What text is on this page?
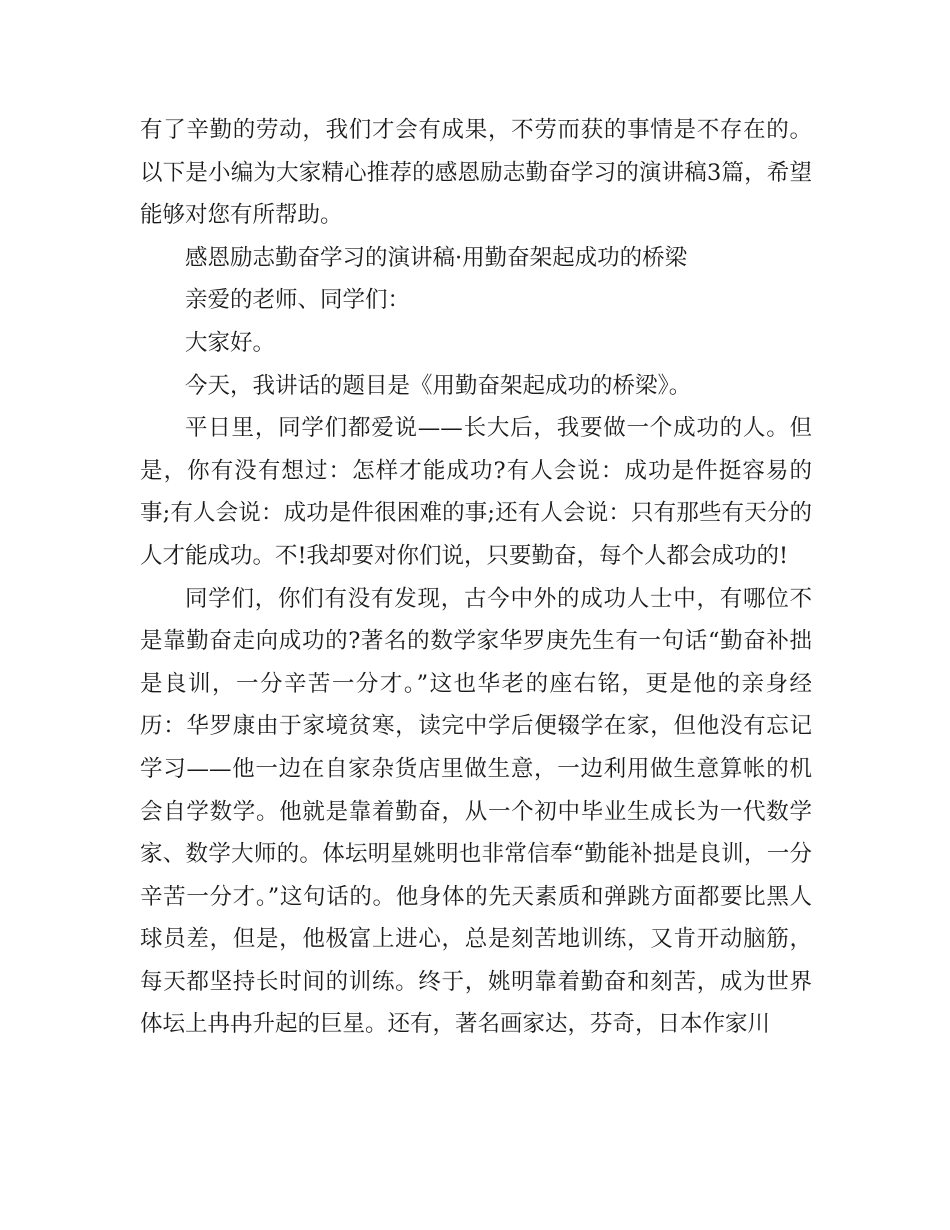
有了辛勤的劳动，我们才会有成果，不劳而获的事情是不存在的。以下是小编为大家精心推荐的感恩励志勤奋学习的演讲稿3篇，希望能够对您有所帮助。

感恩励志勤奋学习的演讲稿·用勤奋架起成功的桥梁

亲爱的老师、同学们：

大家好。

今天，我讲话的题目是《用勤奋架起成功的桥梁》。

平日里，同学们都爱说——长大后，我要做一个成功的人。但是，你有没有想过：怎样才能成功?有人会说：成功是件挺容易的事;有人会说：成功是件很困难的事;还有人会说：只有那些有天分的人才能成功。不!我却要对你们说，只要勤奋，每个人都会成功的!

同学们，你们有没有发现，古今中外的成功人士中，有哪位不是靠勤奋走向成功的?著名的数学家华罗庚先生有一句话“勤奋补拙是良训，一分辛苦一分才。”这也华老的座右铭，更是他的亲身经历：华罗康由于家境贫寒，读完中学后便辍学在家，但他没有忘记学习——他一边在自家杂货店里做生意，一边利用做生意算帐的机会自学数学。他就是靠着勤奋，从一个初中毕业生成长为一代数学家、数学大师的。体坛明星姚明也非常信奉“勤能补拙是良训，一分辛苦一分才。”这句话的。他身体的先天素质和弹跳方面都要比黑人球员差，但是，他极富上进心，总是刻苦地训练，又肯开动脑筋，每天都坚持长时间的训练。终于，姚明靠着勤奋和刻苦，成为世界体坛上冉冉升起的巨星。还有，著名画家达，芬奇，日本作家川
